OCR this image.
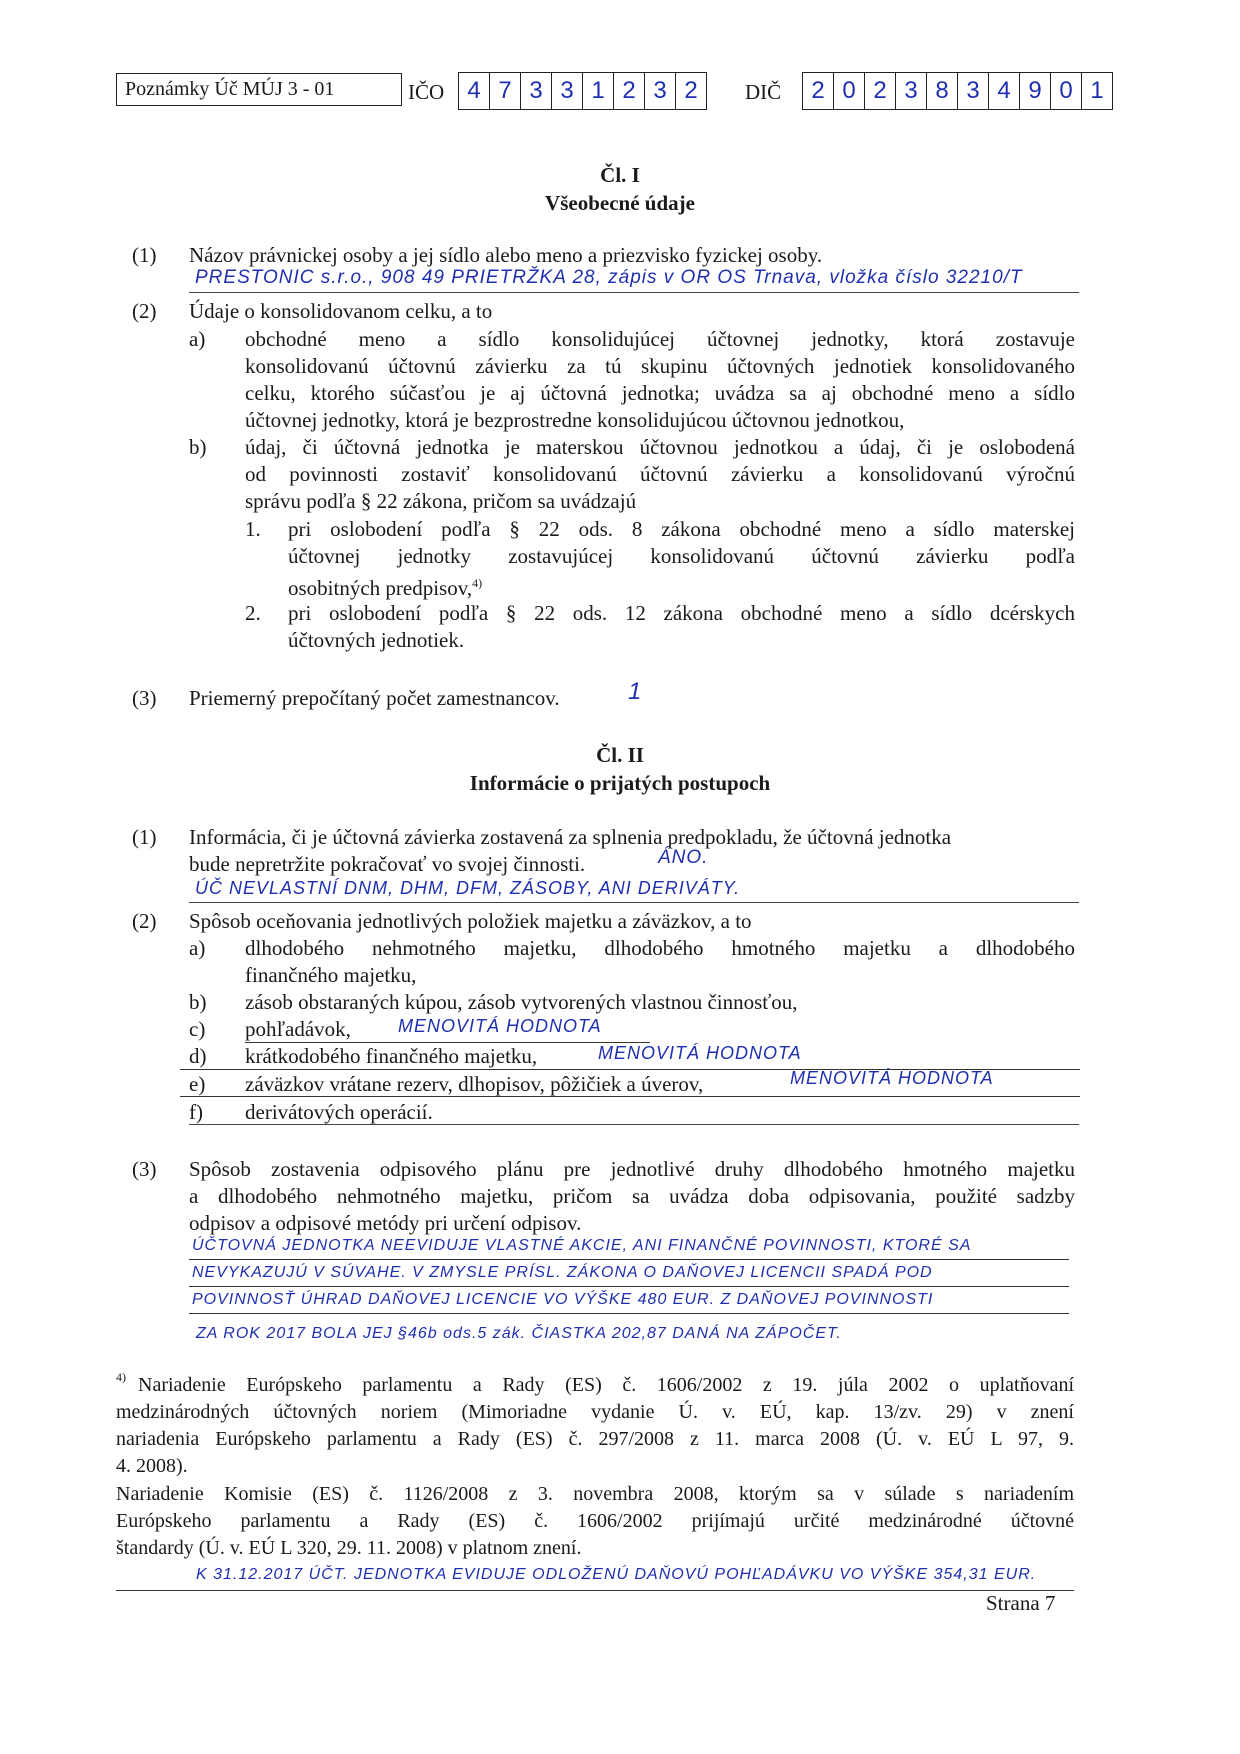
Poznámky Úč MÚJ 3 - 01	IČO 4 7 3 3 1 2 3 2	DIČ	2 0 2 3 8 3 4 9 0 1
Čl. I
Všeobecné údaje
(1) Názov právnickej osoby a jej sídlo alebo meno a priezvisko fyzickej osoby.
PRESTONIC s.r.o., 908 49 PRIETRŽKA 28, zápis v OR OS Trnava, vložka číslo 32210/T
(2) Údaje o konsolidovanom celku, a to
a) obchodné meno a sídlo konsolidujúcej účtovnej jednotky, ktorá zostavuje
konsolidovanú účtovnú závierku za tú skupinu účtovných jednotiek konsolidovaného
celku, ktorého súčasťou je aj účtovná jednotka; uvádza sa aj obchodné meno a sídlo
účtovnej jednotky, ktorá je bezprostredne konsolidujúcou účtovnou jednotkou,
b) údaj, či účtovná jednotka je materskou účtovnou jednotkou a údaj, či je oslobodená
od povinnosti zostaviť konsolidovanú účtovnú závierku a konsolidovanú výročnú
správu podľa § 22 zákona, pričom sa uvádzajú
1. pri oslobodení podľa § 22 ods. 8 zákona obchodné meno a sídlo materskej
účtovnej jednotky zostavujúcej konsolidovanú účtovnú závierku podľa
osobitných predpisov,$^{4)}$
2. pri oslobodení podľa § 22 ods. 12 zákona obchodné meno a sídlo dcérskych
účtovných jednotiek.
(3) Priemerný prepočítaný počet zamestnancov.	1
Čl. II
Informácie o prijatých postupoch
(1) Informácia, či je účtovná závierka zostavená za splnenia predpokladu, že účtovná jednotka
bude nepretržite pokračovať vo svojej činnosti.	ÁNO.
ÚČ NEVLASTNÍ DNM, DHM, DFM, ZÁSOBY, ANI DERIVÁTY.
(2) Spôsob oceňovania jednotlivých položiek majetku a záväzkov, a to
a) dlhodobého nehmotného majetku, dlhodobého hmotného majetku a dlhodobého
finančného majetku,
b) zásob obstaraných kúpou, zásob vytvorených vlastnou činnosťou,
c) pohľadávok,	MENOVITÁ HODNOTA
d) krátkodobého finančného majetku,	MENOVITÁ HODNOTA
e) záväzkov vrátane rezerv, dlhopisov, pôžičiek a úverov,	MENOVITÁ HODNOTA
f) derivátových operácií.
(3) Spôsob zostavenia odpisového plánu pre jednotlivé druhy dlhodobého hmotného majetku
a dlhodobého nehmotného majetku, pričom sa uvádza doba odpisovania, použité sadzby
odpisov a odpisové metódy pri určení odpisov.
ÚČTOVNÁ JEDNOTKA NEEVIDUJE VLASTNÉ AKCIE, ANI FINANČNÉ POVINNOSTI, KTORÉ SA
NEVYKAZUJÚ V SÚVAHE. V ZMYSLE PRÍSL. ZÁKONA O DAŇOVEJ LICENCII SPADÁ POD
POVINNOSŤ ÚHRAD DAŇOVEJ LICENCIE VO VÝŠKE 480 EUR. Z DAŇOVEJ POVINNOSTI
ZA ROK 2017 BOLA JEJ §46b ods.5 zák. ČIASTKA 202,87 DANÁ NA ZÁPOČET.
4) Nariadenie Európskeho parlamentu a Rady (ES) č. 1606/2002 z 19. júla 2002 o uplatňovaní
medzinárodných účtovných noriem (Mimoriadne vydanie Ú. v. EÚ, kap. 13/zv. 29) v znení
nariadenia Európskeho parlamentu a Rady (ES) č. 297/2008 z 11. marca 2008 (Ú. v. EÚ L 97, 9.
4. 2008).
Nariadenie Komisie (ES) č. 1126/2008 z 3. novembra 2008, ktorým sa v súlade s nariadením
Európskeho parlamentu a Rady (ES) č. 1606/2002 prijímajú určité medzinárodné účtovné
štandardy (Ú. v. EÚ L 320, 29. 11. 2008) v platnom znení.
K 31.12.2017 ÚČT. JEDNOTKA EVIDUJE ODLOŽENÚ DAŇOVÚ POHĽADÁVKU VO VÝŠKE 354,31 EUR.
Strana 7
